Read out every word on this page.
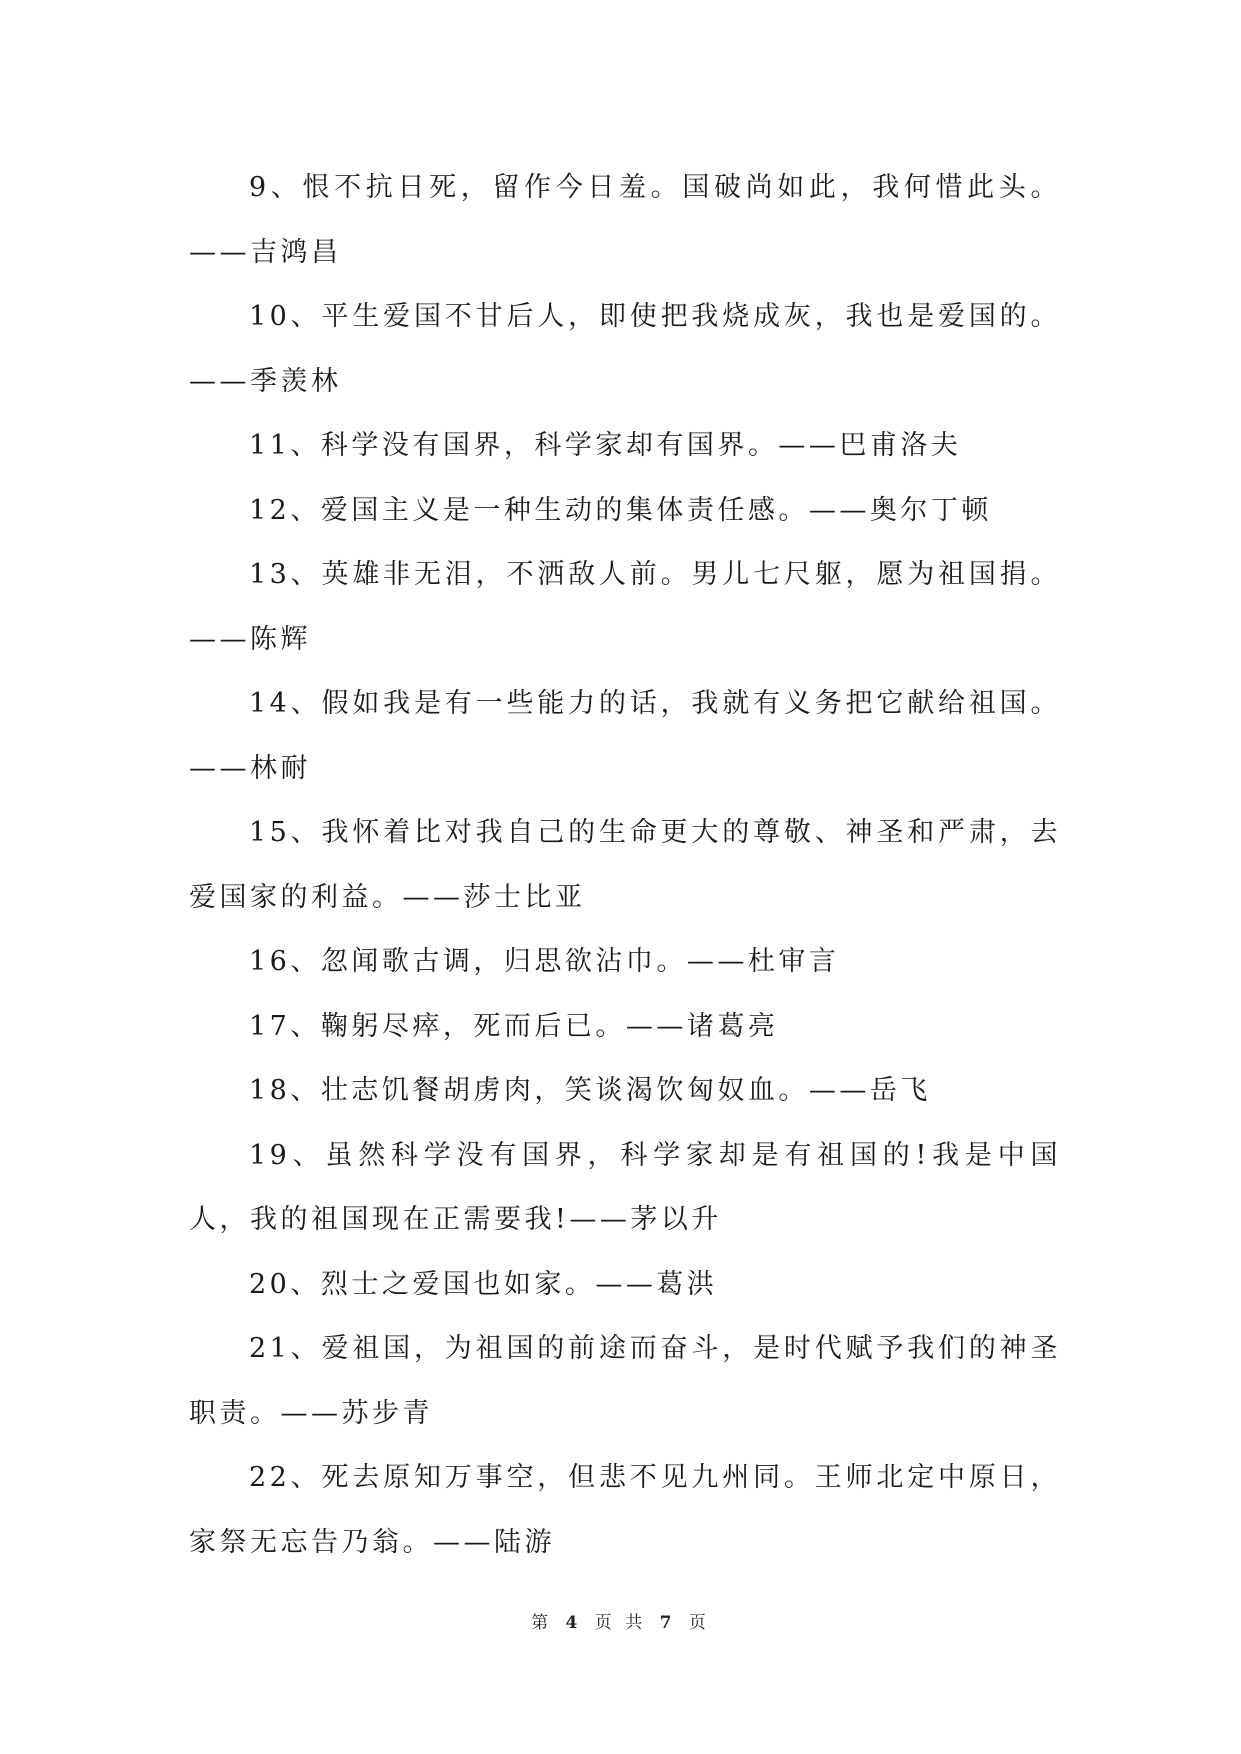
9、恨不抗日死，留作今日羞。国破尚如此，我何惜此头。——吉鸿昌

10、平生爱国不甘后人，即使把我烧成灰，我也是爱国的。——季羡林

11、科学没有国界，科学家却有国界。——巴甫洛夫

12、爱国主义是一种生动的集体责任感。——奥尔丁顿

13、英雄非无泪，不洒敌人前。男儿七尺躯，愿为祖国捐。——陈辉

14、假如我是有一些能力的话，我就有义务把它献给祖国。——林耐

15、我怀着比对我自己的生命更大的尊敬、神圣和严肃，去爱国家的利益。——莎士比亚

16、忽闻歌古调，归思欲沾巾。——杜审言

17、鞠躬尽瘁，死而后已。——诸葛亮

18、壮志饥餐胡虏肉，笑谈渴饮匈奴血。——岳飞

19、虽然科学没有国界，科学家却是有祖国的!我是中国人，我的祖国现在正需要我!——茅以升

20、烈士之爱国也如家。——葛洪

21、爱祖国，为祖国的前途而奋斗，是时代赋予我们的神圣职责。——苏步青

22、死去原知万事空，但悲不见九州同。王师北定中原日，家祭无忘告乃翁。——陆游

第 4 页 共 7 页
